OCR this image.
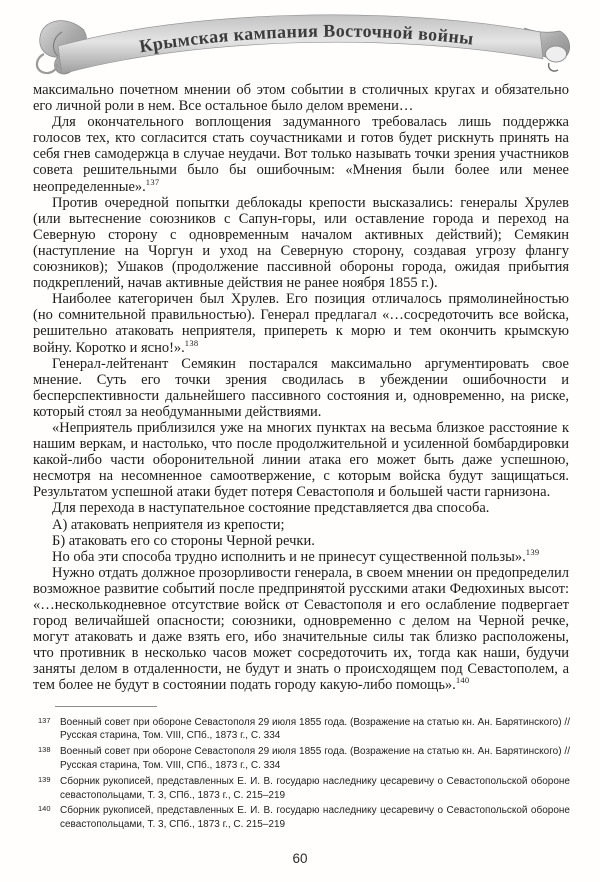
Крымская кампания Восточной войны

максимально почетном мнении об этом событии в столичных кругах и обязательно его личной роли в нем. Все остальное было делом времени…

Для окончательного воплощения задуманного требовалась лишь поддержка голосов тех, кто согласится стать соучастниками и готов будет рискнуть принять на себя гнев самодержца в случае неудачи. Вот только называть точки зрения участников совета решительными было бы ошибочным: «Мнения были более или менее неопределенные».$^{137}$

Против очередной попытки деблокады крепости высказались: генералы Хрулев (или вытеснение союзников с Сапун-горы, или оставление города и переход на Северную сторону с одновременным началом активных действий); Семякин (наступление на Чоргун и уход на Северную сторону, создавая угрозу флангу союзников); Ушаков (продолжение пассивной обороны города, ожидая прибытия подкреплений, начав активные действия не ранее ноября 1855 г.).

Наиболее категоричен был Хрулев. Его позиция отличалось прямолинейностью (но сомнительной правильностью). Генерал предлагал «…сосредоточить все войска, решительно атаковать неприятеля, припереть к морю и тем окончить крымскую войну. Коротко и ясно!».$^{138}$

Генерал-лейтенант Семякин постарался максимально аргументировать свое мнение. Суть его точки зрения сводилась в убеждении ошибочности и бесперспективности дальнейшего пассивного состояния и, одновременно, на риске, который стоял за необдуманными действиями.

«Неприятель приблизился уже на многих пунктах на весьма близкое расстояние к нашим веркам, и настолько, что после продолжительной и усиленной бомбардировки какой-либо части оборонительной линии атака его может быть даже успешною, несмотря на несомненное самоотвержение, с которым войска будут защищаться. Результатом успешной атаки будет потеря Севастополя и большей части гарнизона.

Для перехода в наступательное состояние представляется два способа.

А) атаковать неприятеля из крепости;

Б) атаковать его со стороны Черной речки.

Но оба эти способа трудно исполнить и не принесут существенной пользы».$^{139}$

Нужно отдать должное прозорливости генерала, в своем мнении он предопределил возможное развитие событий после предпринятой русскими атаки Федюхиных высот: «…несколькодневное отсутствие войск от Севастополя и его ослабление подвергает город величайшей опасности; союзники, одновременно с делом на Черной речке, могут атаковать и даже взять его, ибо значительные силы так близко расположены, что противник в несколько часов может сосредоточить их, тогда как наши, будучи заняты делом в отдаленности, не будут и знать о происходящем под Севастополем, а тем более не будут в состоянии подать городу какую-либо помощь».$^{140}$

137 Военный совет при обороне Севастополя 29 июля 1855 года. (Возражение на статью кн. Ан. Барятинского) // Русская старина, Том. VIII, СПб., 1873 г., С. 334
138 Военный совет при обороне Севастополя 29 июля 1855 года. (Возражение на статью кн. Ан. Барятинского) // Русская старина, Том. VIII, СПб., 1873 г., С. 334
139 Сборник рукописей, представленных Е. И. В. государю наследнику цесаревичу о Севастопольской обороне севастопольцами, Т. 3, СПб., 1873 г., С. 215–219
140 Сборник рукописей, представленных Е. И. В. государю наследнику цесаревичу о Севастопольской обороне севастопольцами, Т. 3, СПб., 1873 г., С. 215–219
60
